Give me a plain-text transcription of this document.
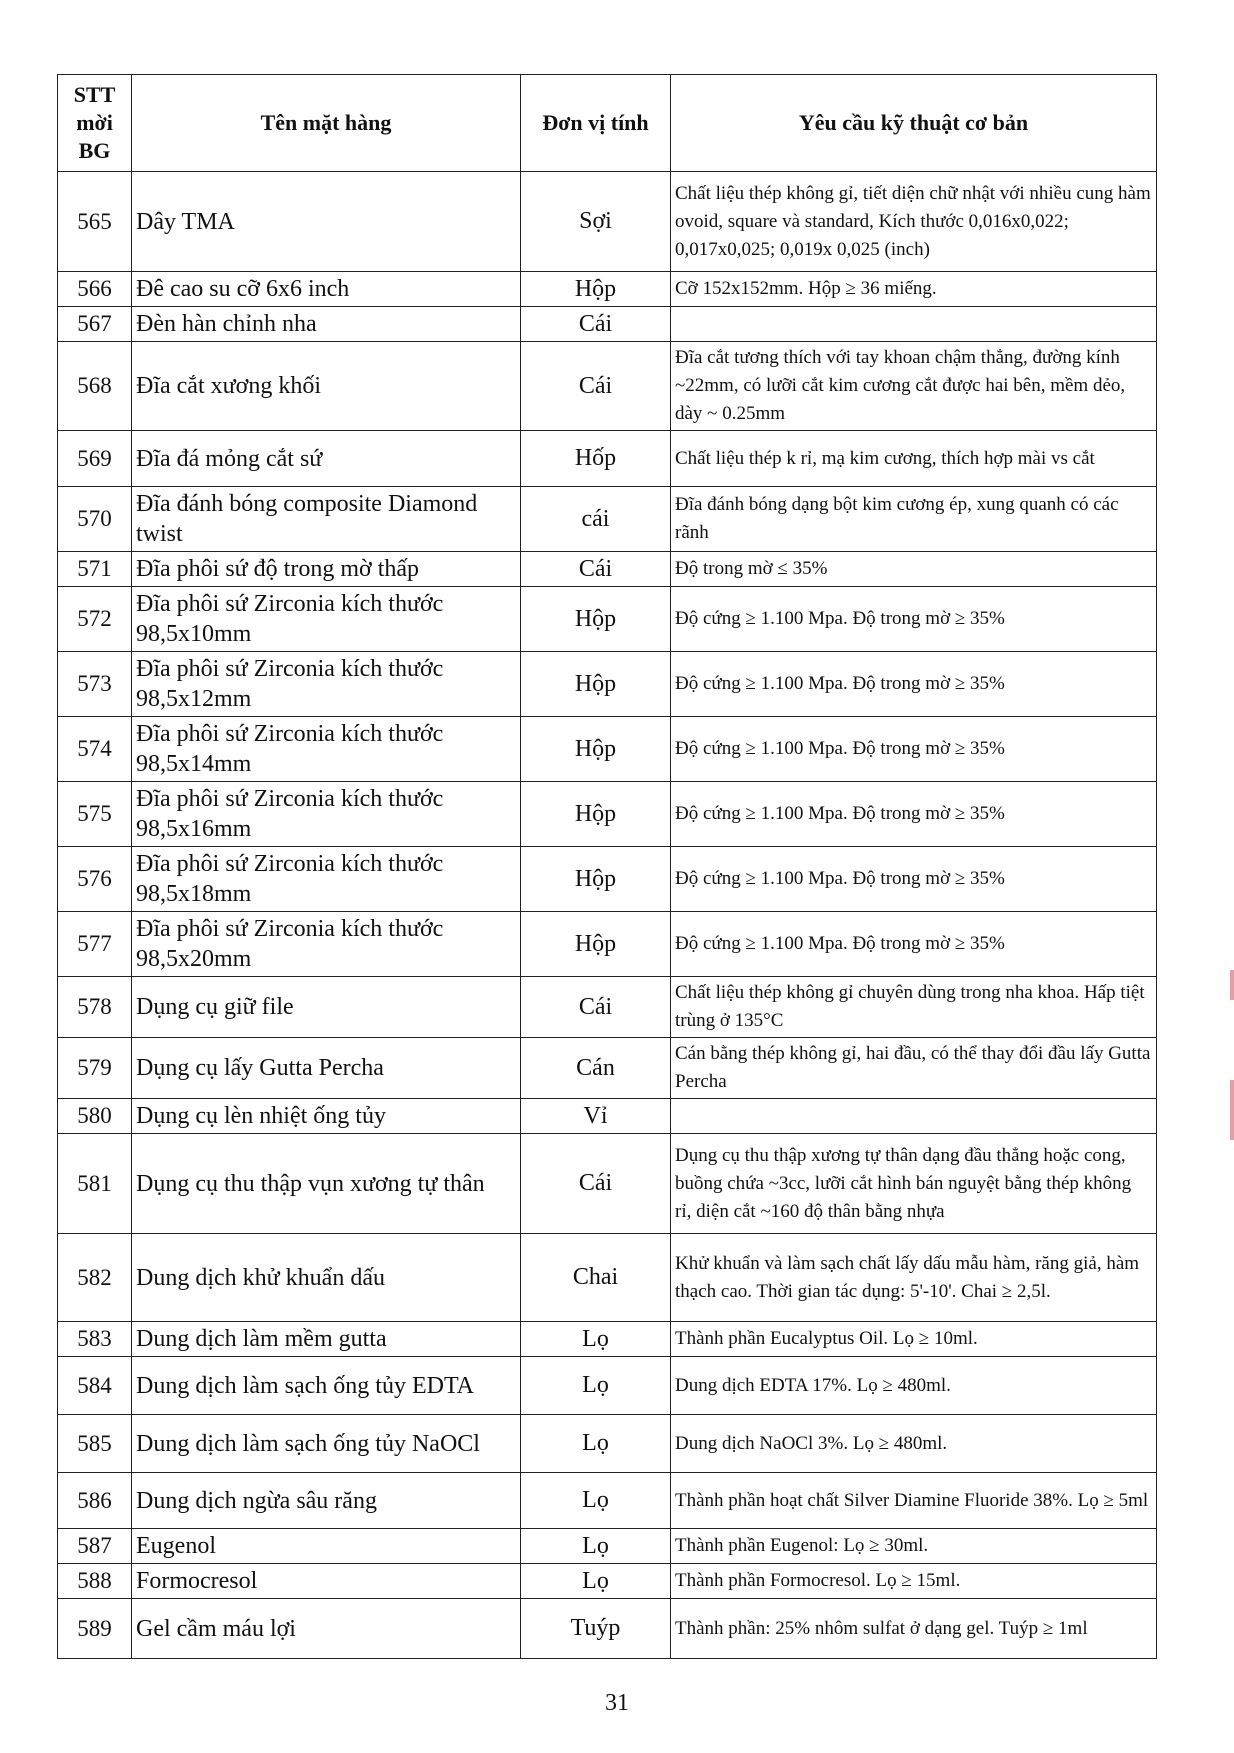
STT mời BG	Tên mặt hàng	Đơn vị tính	Yêu cầu kỹ thuật cơ bản
565	Dây TMA	Sợi	Chất liệu thép không gỉ, tiết diện chữ nhật với nhiều cung hàm ovoid, square và standard, Kích thước 0,016x0,022; 0,017x0,025; 0,019x 0,025 (inch)
566	Đê cao su cỡ 6x6 inch	Hộp	Cỡ 152x152mm. Hộp ≥ 36 miếng.
567	Đèn hàn chỉnh nha	Cái	
568	Đĩa cắt xương khối	Cái	Đĩa cắt tương thích với tay khoan chậm thẳng, đường kính ~22mm, có lưỡi cắt kim cương cắt được hai bên, mềm dẻo, dày ~ 0.25mm
569	Đĩa đá mỏng cắt sứ	Hốp	Chất liệu thép k rỉ, mạ kim cương, thích hợp mài vs cắt
570	Đĩa đánh bóng composite Diamond twist	cái	Đĩa đánh bóng dạng bột kim cương ép, xung quanh có các rãnh
571	Đĩa phôi sứ độ trong mờ thấp	Cái	Độ trong mờ ≤ 35%
572	Đĩa phôi sứ Zirconia kích thước 98,5x10mm	Hộp	Độ cứng ≥ 1.100 Mpa. Độ trong mờ ≥ 35%
573	Đĩa phôi sứ Zirconia kích thước 98,5x12mm	Hộp	Độ cứng ≥ 1.100 Mpa. Độ trong mờ ≥ 35%
574	Đĩa phôi sứ Zirconia kích thước 98,5x14mm	Hộp	Độ cứng ≥ 1.100 Mpa. Độ trong mờ ≥ 35%
575	Đĩa phôi sứ Zirconia kích thước 98,5x16mm	Hộp	Độ cứng ≥ 1.100 Mpa. Độ trong mờ ≥ 35%
576	Đĩa phôi sứ Zirconia kích thước 98,5x18mm	Hộp	Độ cứng ≥ 1.100 Mpa. Độ trong mờ ≥ 35%
577	Đĩa phôi sứ Zirconia kích thước 98,5x20mm	Hộp	Độ cứng ≥ 1.100 Mpa. Độ trong mờ ≥ 35%
578	Dụng cụ giữ file	Cái	Chất liệu thép không gỉ chuyên dùng trong nha khoa. Hấp tiệt trùng ở 135°C
579	Dụng cụ lấy Gutta Percha	Cán	Cán bằng thép không gỉ, hai đầu, có thể thay đổi đầu lấy Gutta Percha
580	Dụng cụ lèn nhiệt ống tủy	Vỉ	
581	Dụng cụ thu thập vụn xương tự thân	Cái	Dụng cụ thu thập xương tự thân dạng đầu thẳng hoặc cong, buồng chứa ~3cc, lưỡi cắt hình bán nguyệt bằng thép không rỉ, diện cắt ~160 độ thân bằng nhựa
582	Dung dịch khử khuẩn dấu	Chai	Khử khuẩn và làm sạch chất lấy dấu mẫu hàm, răng giả, hàm thạch cao. Thời gian tác dụng: 5'-10'. Chai ≥ 2,5l.
583	Dung dịch làm mềm gutta	Lọ	Thành phần Eucalyptus Oil. Lọ ≥ 10ml.
584	Dung dịch làm sạch ống tủy EDTA	Lọ	Dung dịch EDTA 17%. Lọ ≥ 480ml.
585	Dung dịch làm sạch ống tủy NaOCl	Lọ	Dung dịch NaOCl 3%. Lọ ≥ 480ml.
586	Dung dịch ngừa sâu răng	Lọ	Thành phần hoạt chất Silver Diamine Fluoride 38%. Lọ ≥ 5ml
587	Eugenol	Lọ	Thành phần Eugenol: Lọ ≥ 30ml.
588	Formocresol	Lọ	Thành phần Formocresol. Lọ ≥ 15ml.
589	Gel cầm máu lợi	Tuýp	Thành phần: 25% nhôm sulfat ở dạng gel. Tuýp ≥ 1ml
31
